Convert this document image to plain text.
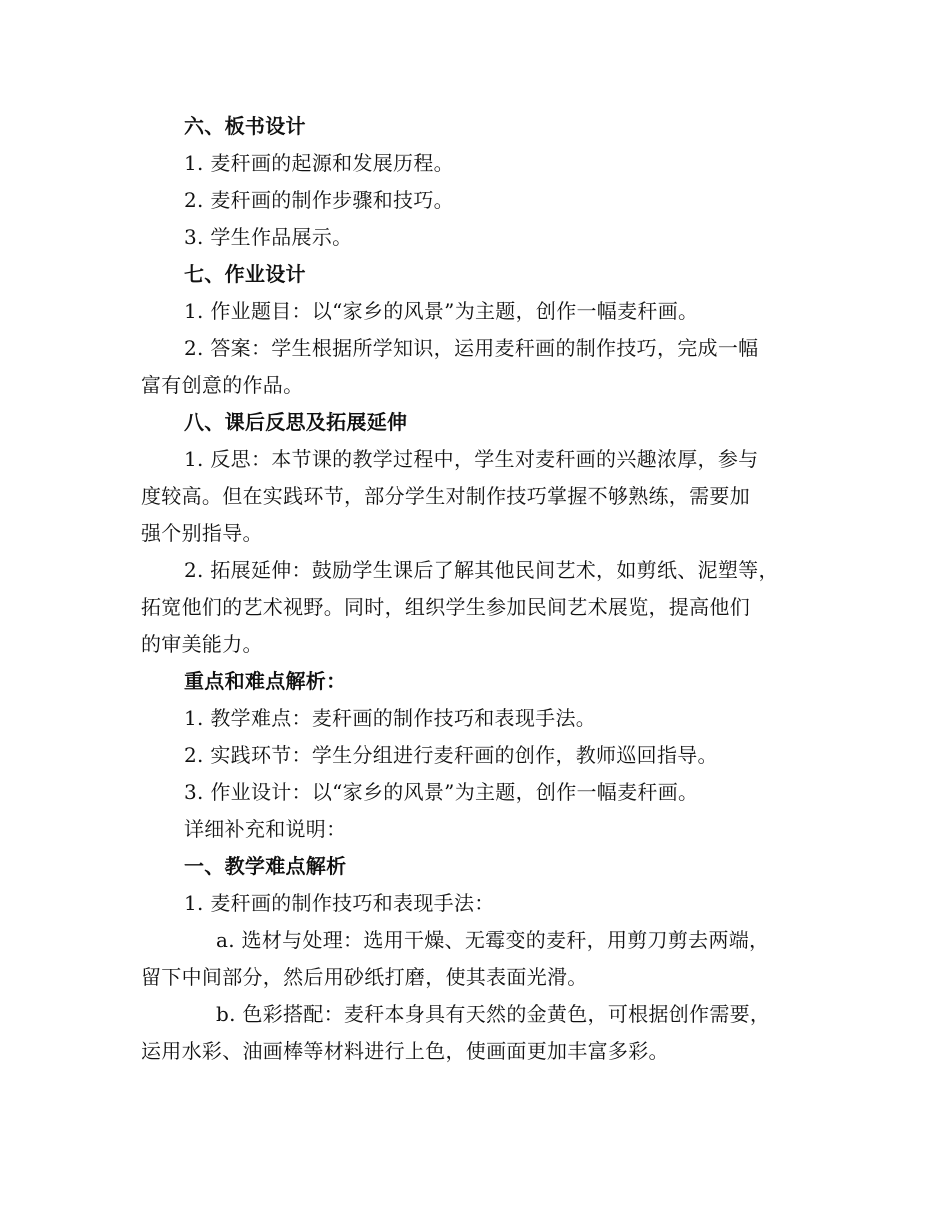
六、板书设计
1. 麦秆画的起源和发展历程。
2. 麦秆画的制作步骤和技巧。
3. 学生作品展示。
七、作业设计
1. 作业题目：以“家乡的风景”为主题，创作一幅麦秆画。
2. 答案：学生根据所学知识，运用麦秆画的制作技巧，完成一幅
富有创意的作品。
八、课后反思及拓展延伸
1. 反思：本节课的教学过程中，学生对麦秆画的兴趣浓厚，参与
度较高。但在实践环节，部分学生对制作技巧掌握不够熟练，需要加
强个别指导。
2. 拓展延伸：鼓励学生课后了解其他民间艺术，如剪纸、泥塑等，
拓宽他们的艺术视野。同时，组织学生参加民间艺术展览，提高他们
的审美能力。
重点和难点解析：
1. 教学难点：麦秆画的制作技巧和表现手法。
2. 实践环节：学生分组进行麦秆画的创作，教师巡回指导。
3. 作业设计：以“家乡的风景”为主题，创作一幅麦秆画。
详细补充和说明：
一、教学难点解析
1. 麦秆画的制作技巧和表现手法：
a. 选材与处理：选用干燥、无霉变的麦秆，用剪刀剪去两端，
留下中间部分，然后用砂纸打磨，使其表面光滑。
b. 色彩搭配：麦秆本身具有天然的金黄色，可根据创作需要，
运用水彩、油画棒等材料进行上色，使画面更加丰富多彩。
